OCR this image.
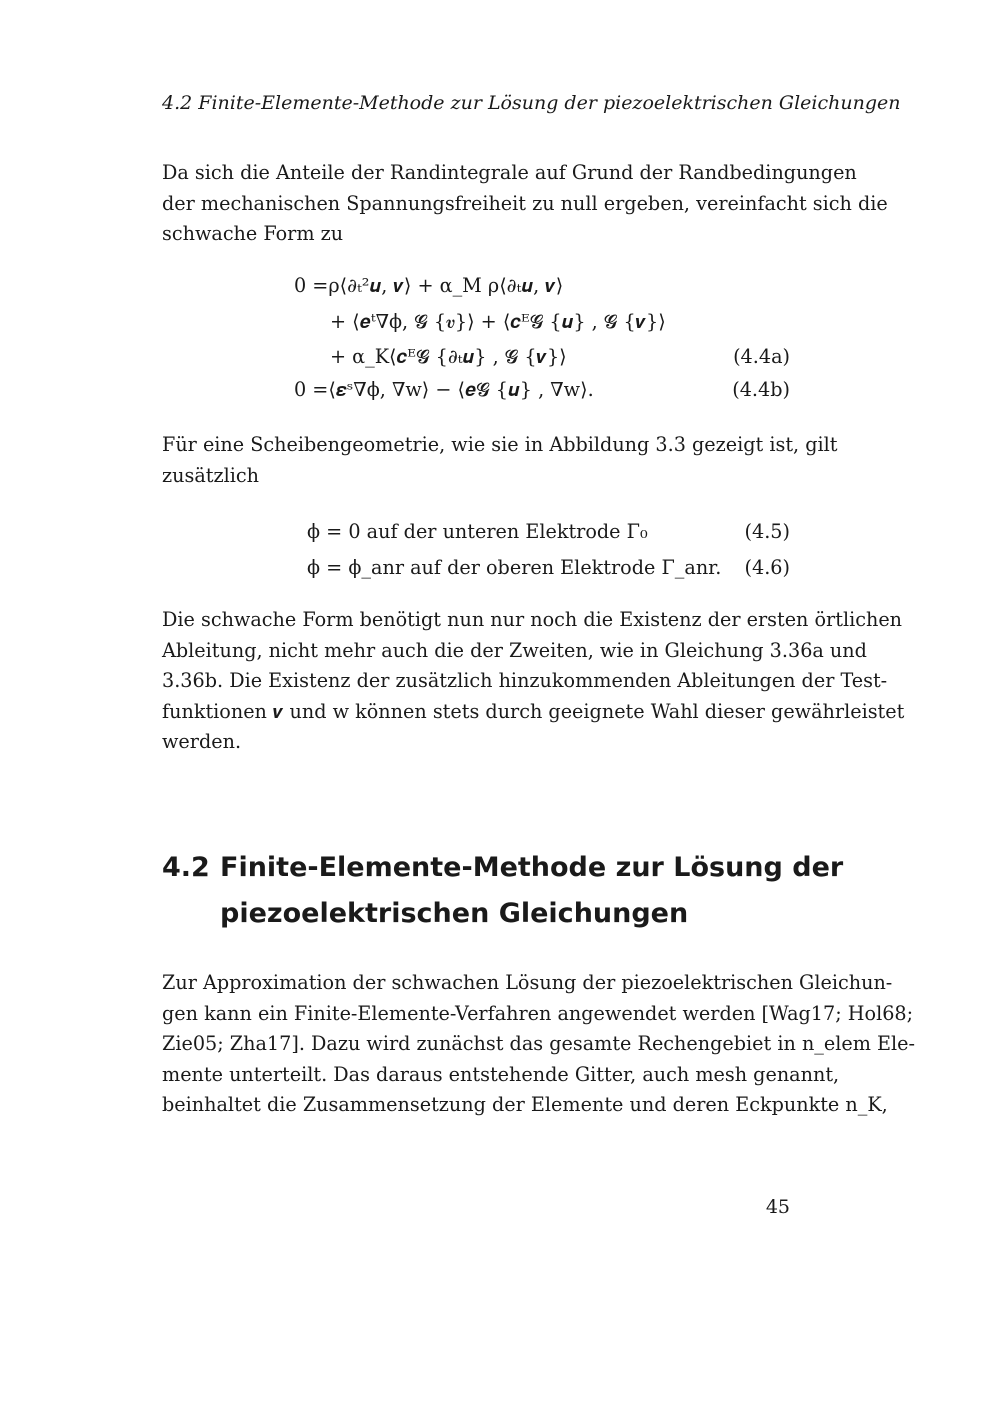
4.2 Finite-Elemente-Methode zur Lösung der piezoelektrischen Gleichungen
Da sich die Anteile der Randintegrale auf Grund der Randbedingungen
der mechanischen Spannungsfreiheit zu null ergeben, vereinfacht sich die
schwache Form zu
0 =ρ⟨∂ₜ²𝒖, 𝒗⟩ + α_M ρ⟨∂ₜ𝒖, 𝒗⟩
+ ⟨𝒆ᵗ∇ϕ, 𝓖 {𝒗}⟩ + ⟨𝒄ᴱ𝓖 {𝒖} , 𝓖 {𝒗}⟩
+ α_K⟨𝒄ᴱ𝓖 {∂ₜ𝒖} , 𝓖 {𝒗}⟩	(4.4a)
0 =⟨𝜺ˢ∇ϕ, ∇w⟩ − ⟨𝒆𝓖 {𝒖} , ∇w⟩.	(4.4b)
Für eine Scheibengeometrie, wie sie in Abbildung 3.3 gezeigt ist, gilt
zusätzlich
ϕ = 0 auf der unteren Elektrode Γ₀	(4.5)
ϕ = ϕ_anr auf der oberen Elektrode Γ_anr. (4.6)
Die schwache Form benötigt nun nur noch die Existenz der ersten örtlichen
Ableitung, nicht mehr auch die der Zweiten, wie in Gleichung 3.36a und
3.36b. Die Existenz der zusätzlich hinzukommenden Ableitungen der Test-
funktionen 𝒗 und w können stets durch geeignete Wahl dieser gewährleistet
werden.
4.2 Finite-Elemente-Methode zur Lösung der
piezoelektrischen Gleichungen
Zur Approximation der schwachen Lösung der piezoelektrischen Gleichun-
gen kann ein Finite-Elemente-Verfahren angewendet werden [Wag17; Hol68;
Zie05; Zha17]. Dazu wird zunächst das gesamte Rechengebiet in n_elem Ele-
mente unterteilt. Das daraus entstehende Gitter, auch mesh genannt,
beinhaltet die Zusammensetzung der Elemente und deren Eckpunkte n_K,
45
